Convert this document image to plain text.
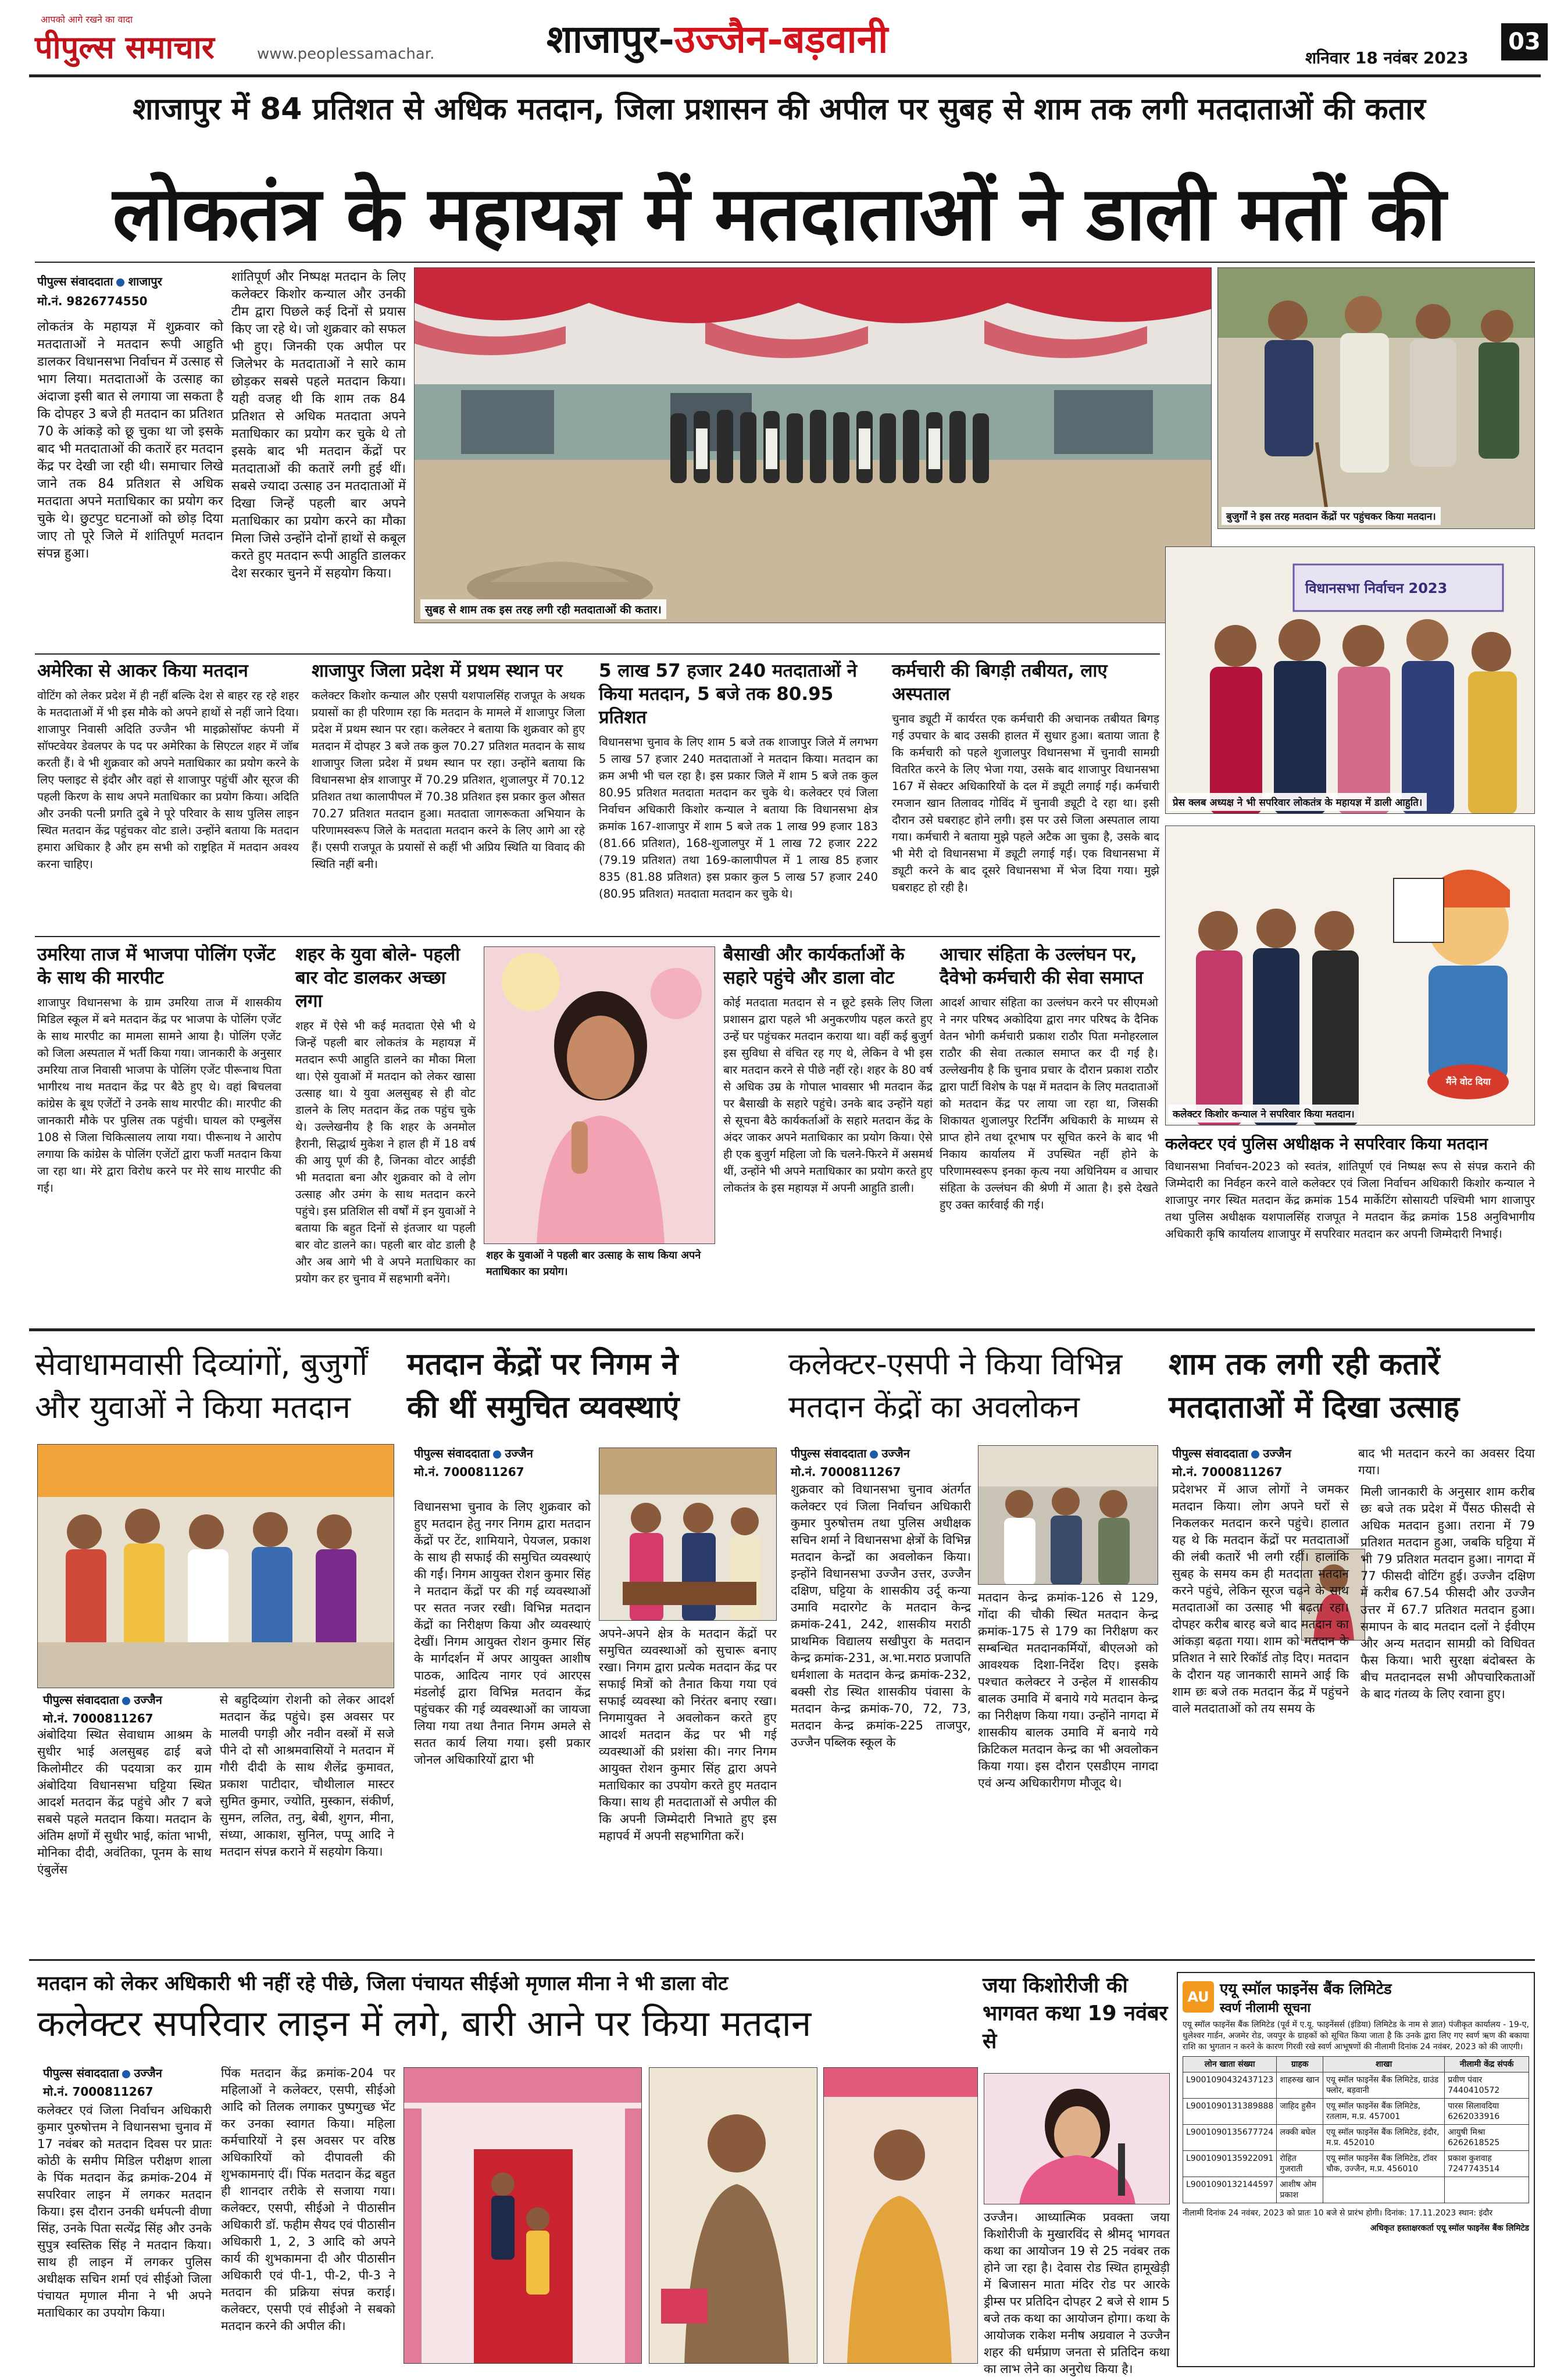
आपको आगे रखने का वादा
पीपुल्स समाचार	www.peoplessamachar.	शाजापुर-उज्जैन-बड़वानी	शनिवार 18 नवंबर 2023
03
शाजापुर में 84 प्रतिशत से अधिक मतदान, जिला प्रशासन की अपील पर सुबह से शाम तक लगी मतदाताओं की कतार
लोकतंत्र के महायज्ञ में मतदाताओं ने डाली मतों की
पीपुल्स संवाददाता शाजापुर
मो.नं. 9826774550
लोकतंत्र के महायज्ञ में शुक्रवार को मतदाताओं ने मतदान रूपी आहुति डालकर विधानसभा निर्वाचन में उत्साह से भाग लिया। मतदाताओं के उत्साह का अंदाजा इसी बात से लगाया जा सकता है कि दोपहर 3 बजे ही मतदान का प्रतिशत 70 के आंकड़े को छू चुका था जो इसके बाद भी मतदाताओं की कतारें हर मतदान केंद्र पर देखी जा रही थी। समाचार लिखे जाने तक 84 प्रतिशत से अधिक मतदाता अपने मताधिकार का प्रयोग कर चुके थे। छुटपुट घटनाओं को छोड़ दिया जाए तो पूरे जिले में शांतिपूर्ण मतदान संपन्न हुआ।
शांतिपूर्ण और निष्पक्ष मतदान के लिए कलेक्टर किशोर कन्याल और उनकी टीम द्वारा पिछले कई दिनों से प्रयास किए जा रहे थे। जो शुक्रवार को सफल भी हुए। जिनकी एक अपील पर जिलेभर के मतदाताओं ने सारे काम छोड़कर सबसे पहले मतदान किया। यही वजह थी कि शाम तक 84 प्रतिशत से अधिक मतदाता अपने मताधिकार का प्रयोग कर चुके थे तो इसके बाद भी मतदान केंद्रों पर मतदाताओं की कतारें लगी हुई थीं। सबसे ज्यादा उत्साह उन मतदाताओं में दिखा जिन्हें पहली बार अपने मताधिकार का प्रयोग करने का मौका मिला जिसे उन्होंने दोनों हाथों से कबूल करते हुए मतदान रूपी आहुति डालकर देश सरकार चुनने में सहयोग किया।
सुबह से शाम तक इस तरह लगी रही मतदाताओं की कतार।
बुजुर्गों ने इस तरह मतदान केंद्रों पर पहुंचकर किया मतदान।
विधानसभा निर्वाचन 2023
प्रेस क्लब अध्यक्ष ने भी सपरिवार लोकतंत्र के महायज्ञ में डाली आहुति।
मैंने वोट दिया
कलेक्टर किशोर कन्याल ने सपरिवार किया मतदान।
अमेरिका से आकर किया मतदान
वोटिंग को लेकर प्रदेश में ही नहीं बल्कि देश से बाहर रह रहे शहर के मतदाताओं में भी इस मौके को अपने हाथों से नहीं जाने दिया। शाजापुर निवासी अदिति उज्जैन भी माइक्रोसॉफ्ट कंपनी में सॉफ्टवेयर डेवलपर के पद पर अमेरिका के सिएटल शहर में जॉब करती हैं। वे भी शुक्रवार को अपने मताधिकार का प्रयोग करने के लिए फ्लाइट से इंदौर और वहां से शाजापुर पहुंचीं और सूरज की पहली किरण के साथ अपने मताधिकार का प्रयोग किया। अदिति और उनकी पत्नी प्रगति दुबे ने पूरे परिवार के साथ पुलिस लाइन स्थित मतदान केंद्र पहुंचकर वोट डाले। उन्होंने बताया कि मतदान हमारा अधिकार है और हम सभी को राष्ट्रहित में मतदान अवश्य करना चाहिए।
शाजापुर जिला प्रदेश में प्रथम स्थान पर
कलेक्टर किशोर कन्याल और एसपी यशपालसिंह राजपूत के अथक प्रयासों का ही परिणाम रहा कि मतदान के मामले में शाजापुर जिला प्रदेश में प्रथम स्थान पर रहा। कलेक्टर ने बताया कि शुक्रवार को हुए मतदान में दोपहर 3 बजे तक कुल 70.27 प्रतिशत मतदान के साथ शाजापुर जिला प्रदेश में प्रथम स्थान पर रहा। उन्होंने बताया कि विधानसभा क्षेत्र शाजापुर में 70.29 प्रतिशत, शुजालपुर में 70.12 प्रतिशत तथा कालापीपल में 70.38 प्रतिशत इस प्रकार कुल औसत 70.27 प्रतिशत मतदान हुआ। मतदाता जागरूकता अभियान के परिणामस्वरूप जिले के मतदाता मतदान करने के लिए आगे आ रहे हैं। एसपी राजपूत के प्रयासों से कहीं भी अप्रिय स्थिति या विवाद की स्थिति नहीं बनी।
5 लाख 57 हजार 240 मतदाताओं ने किया मतदान, 5 बजे तक 80.95 प्रतिशत
विधानसभा चुनाव के लिए शाम 5 बजे तक शाजापुर जिले में लगभग 5 लाख 57 हजार 240 मतदाताओं ने मतदान किया। मतदान का क्रम अभी भी चल रहा है। इस प्रकार जिले में शाम 5 बजे तक कुल 80.95 प्रतिशत मतदाता मतदान कर चुके थे। कलेक्टर एवं जिला निर्वाचन अधिकारी किशोर कन्याल ने बताया कि विधानसभा क्षेत्र क्रमांक 167-शाजापुर में शाम 5 बजे तक 1 लाख 99 हजार 183 (81.66 प्रतिशत), 168-शुजालपुर में 1 लाख 72 हजार 222 (79.19 प्रतिशत) तथा 169-कालापीपल में 1 लाख 85 हजार 835 (81.88 प्रतिशत) इस प्रकार कुल 5 लाख 57 हजार 240 (80.95 प्रतिशत) मतदाता मतदान कर चुके थे।
कर्मचारी की बिगड़ी तबीयत, लाए अस्पताल
चुनाव ड्यूटी में कार्यरत एक कर्मचारी की अचानक तबीयत बिगड़ गई उपचार के बाद उसकी हालत में सुधार हुआ। बताया जाता है कि कर्मचारी को पहले शुजालपुर विधानसभा में चुनावी सामग्री वितरित करने के लिए भेजा गया, उसके बाद शाजापुर विधानसभा 167 में सेक्टर अधिकारियों के दल में ड्यूटी लगाई गई। कर्मचारी रमजान खान तिलावद गोविंद में चुनावी ड्यूटी दे रहा था। इसी दौरान उसे घबराहट होने लगी। इस पर उसे जिला अस्पताल लाया गया। कर्मचारी ने बताया मुझे पहले अटैक आ चुका है, उसके बाद भी मेरी दो विधानसभा में ड्यूटी लगाई गई। एक विधानसभा में ड्यूटी करने के बाद दूसरे विधानसभा में भेज दिया गया। मुझे घबराहट हो रही है।
उमरिया ताज में भाजपा पोलिंग एजेंट के साथ की मारपीट
शाजापुर विधानसभा के ग्राम उमरिया ताज में शासकीय मिडिल स्कूल में बने मतदान केंद्र पर भाजपा के पोलिंग एजेंट के साथ मारपीट का मामला सामने आया है। पोलिंग एजेंट को जिला अस्पताल में भर्ती किया गया। जानकारी के अनुसार उमरिया ताज निवासी भाजपा के पोलिंग एजेंट पीरूनाथ पिता भागीरथ नाथ मतदान केंद्र पर बैठे हुए थे। वहां बिचलवा कांग्रेस के बूथ एजेंटों ने उनके साथ मारपीट की। मारपीट की जानकारी मौके पर पुलिस तक पहुंची। घायल को एम्बुलेंस 108 से जिला चिकित्सालय लाया गया। पीरूनाथ ने आरोप लगाया कि कांग्रेस के पोलिंग एजेंटों द्वारा फर्जी मतदान किया जा रहा था। मेरे द्वारा विरोध करने पर मेरे साथ मारपीट की गई।
शहर के युवा बोले- पहली बार वोट डालकर अच्छा लगा
शहर में ऐसे भी कई मतदाता ऐसे भी थे जिन्हें पहली बार लोकतंत्र के महायज्ञ में मतदान रूपी आहुति डालने का मौका मिला था। ऐसे युवाओं में मतदान को लेकर खासा उत्साह था। ये युवा अलसुबह से ही वोट डालने के लिए मतदान केंद्र तक पहुंच चुके थे। उल्लेखनीय है कि शहर के अनमोल हैरानी, सिद्धार्थ मुकेश ने हाल ही में 18 वर्ष की आयु पूर्ण की है, जिनका वोटर आईडी भी मतदाता बना और शुक्रवार को वे लोग उत्साह और उमंग के साथ मतदान करने पहुंचे। इस प्रतिशिल सी वर्षों में इन युवाओं ने बताया कि बहुत दिनों से इंतजार था पहली बार वोट डालने का। पहली बार वोट डाली है और अब आगे भी वे अपने मताधिकार का प्रयोग कर हर चुनाव में सहभागी बनेंगे।
शहर के युवाओं ने पहली बार उत्साह के साथ किया अपने मताधिकार का प्रयोग।
बैसाखी और कार्यकर्ताओं के सहारे पहुंचे और डाला वोट
कोई मतदाता मतदान से न छूटे इसके लिए जिला प्रशासन द्वारा पहले भी अनुकरणीय पहल करते हुए उन्हें घर पहुंचकर मतदान कराया था। वहीं कई बुजुर्ग इस सुविधा से वंचित रह गए थे, लेकिन वे भी इस बार मतदान करने से पीछे नहीं रहे। शहर के 80 वर्ष से अधिक उम्र के गोपाल भावसार भी मतदान केंद्र पर बैसाखी के सहारे पहुंचे। उनके बाद उन्होंने यहां से सूचना बैठे कार्यकर्ताओं के सहारे मतदान केंद्र के अंदर जाकर अपने मताधिकार का प्रयोग किया। ऐसे ही एक बुजुर्ग महिला जो कि चलने-फिरने में असमर्थ थीं, उन्होंने भी अपने मताधिकार का प्रयोग करते हुए लोकतंत्र के इस महायज्ञ में अपनी आहुति डाली।
आचार संहिता के उल्लंघन पर, दैवेभो कर्मचारी की सेवा समाप्त
आदर्श आचार संहिता का उल्लंघन करने पर सीएमओ ने नगर परिषद अकोदिया द्वारा नगर परिषद के दैनिक वेतन भोगी कर्मचारी प्रकाश राठौर पिता मनोहरलाल राठौर की सेवा तत्काल समाप्त कर दी गई है। उल्लेखनीय है कि चुनाव प्रचार के दौरान प्रकाश राठौर द्वारा पार्टी विशेष के पक्ष में मतदान के लिए मतदाताओं को मतदान केंद्र पर लाया जा रहा था, जिसकी शिकायत शुजालपुर रिटर्निंग अधिकारी के माध्यम से प्राप्त होने तथा दूरभाष पर सूचित करने के बाद भी निकाय कार्यालय में उपस्थित नहीं होने के परिणामस्वरूप इनका कृत्य नया अधिनियम व आचार संहिता के उल्लंघन की श्रेणी में आता है। इसे देखते हुए उक्त कार्रवाई की गई।
कलेक्टर एवं पुलिस अधीक्षक ने सपरिवार किया मतदान
विधानसभा निर्वाचन-2023 को स्वतंत्र, शांतिपूर्ण एवं निष्पक्ष रूप से संपन्न कराने की जिम्मेदारी का निर्वहन करने वाले कलेक्टर एवं जिला निर्वाचन अधिकारी किशोर कन्याल ने शाजापुर नगर स्थित मतदान केंद्र क्रमांक 154 मार्केटिंग सोसायटी पश्चिमी भाग शाजापुर तथा पुलिस अधीक्षक यशपालसिंह राजपूत ने मतदान केंद्र क्रमांक 158 अनुविभागीय अधिकारी कृषि कार्यालय शाजापुर में सपरिवार मतदान कर अपनी जिम्मेदारी निभाई।
सेवाधामवासी दिव्यांगों, बुजुर्गों
और युवाओं ने किया मतदान
पीपुल्स संवाददाता उज्जैन
मो.नं. 7000811267
अंबोदिया स्थित सेवाधाम आश्रम के सुधीर भाई अलसुबह ढाई बजे किलोमीटर की पदयात्रा कर ग्राम अंबोदिया विधानसभा घट्टिया स्थित आदर्श मतदान केंद्र पहुंचे और 7 बजे सबसे पहले मतदान किया। मतदान के अंतिम क्षणों में सुधीर भाई, कांता भाभी, मोनिका दीदी, अवंतिका, पूनम के साथ एंबुलेंस
से बहुदिव्यांग रोशनी को लेकर आदर्श मतदान केंद्र पहुंचे। इस अवसर पर मालवी पगड़ी और नवीन वस्त्रों में सजे पीने दो सौ आश्रमवासियों ने मतदान में गौरी दीदी के साथ शैलेंद्र कुमावत, प्रकाश पाटीदार, चौथीलाल मास्टर सुमित कुमार, ज्योति, मुस्कान, संकीर्ण, सुमन, ललित, तनु, बेबी, शुगन, मीना, संध्या, आकाश, सुनिल, पप्पू आदि ने मतदान संपन्न कराने में सहयोग किया।
मतदान केंद्रों पर निगम ने
की थीं समुचित व्यवस्थाएं
पीपुल्स संवाददाता उज्जैन
मो.नं. 7000811267
विधानसभा चुनाव के लिए शुक्रवार को हुए मतदान हेतु नगर निगम द्वारा मतदान केंद्रों पर टेंट, शामियाने, पेयजल, प्रकाश के साथ ही सफाई की समुचित व्यवस्थाएं की गईं। निगम आयुक्त रोशन कुमार सिंह ने मतदान केंद्रों पर की गई व्यवस्थाओं पर सतत नजर रखी। विभिन्न मतदान केंद्रों का निरीक्षण किया और व्यवस्थाएं देखीं। निगम आयुक्त रोशन कुमार सिंह के मार्गदर्शन में अपर आयुक्त आशीष पाठक, आदित्य नागर एवं आरएस मंडलोई द्वारा विभिन्न मतदान केंद्र पहुंचकर की गई व्यवस्थाओं का जायजा लिया गया तथा तैनात निगम अमले से सतत कार्य लिया गया। इसी प्रकार जोनल अधिकारियों द्वारा भी
अपने-अपने क्षेत्र के मतदान केंद्रों पर समुचित व्यवस्थाओं को सुचारू बनाए रखा। निगम द्वारा प्रत्येक मतदान केंद्र पर सफाई मित्रों को तैनात किया गया एवं सफाई व्यवस्था को निरंतर बनाए रखा। निगमायुक्त ने अवलोकन करते हुए आदर्श मतदान केंद्र पर भी गई व्यवस्थाओं की प्रशंसा की। नगर निगम आयुक्त रोशन कुमार सिंह द्वारा अपने मताधिकार का उपयोग करते हुए मतदान किया। साथ ही मतदाताओं से अपील की कि अपनी जिम्मेदारी निभाते हुए इस महापर्व में अपनी सहभागिता करें।
कलेक्टर-एसपी ने किया विभिन्न
मतदान केंद्रों का अवलोकन
पीपुल्स संवाददाता उज्जैन
मो.नं. 7000811267
शुक्रवार को विधानसभा चुनाव अंतर्गत कलेक्टर एवं जिला निर्वाचन अधिकारी कुमार पुरुषोत्तम तथा पुलिस अधीक्षक सचिन शर्मा ने विधानसभा क्षेत्रों के विभिन्न मतदान केन्द्रों का अवलोकन किया। इन्होंने विधानसभा उज्जैन उत्तर, उज्जैन दक्षिण, घट्टिया के शासकीय उर्दू कन्या उमावि मदारगेट के मतदान केन्द्र क्रमांक-241, 242, शासकीय मराठी प्राथमिक विद्यालय सखीपुरा के मतदान केन्द्र क्रमांक-231, अ.भा.मराठ प्रजापति धर्मशाला के मतदान केन्द्र क्रमांक-232, बक्सी रोड स्थित शासकीय पंवासा के मतदान केन्द्र क्रमांक-70, 72, 73, मतदान केन्द्र क्रमांक-225 ताजपुर, उज्जैन पब्लिक स्कूल के
मतदान केन्द्र क्रमांक-126 से 129, गोंदा की चौकी स्थित मतदान केन्द्र क्रमांक-175 से 179 का निरीक्षण कर सम्बन्धित मतदानकर्मियों, बीएलओ को आवश्यक दिशा-निर्देश दिए। इसके पश्चात कलेक्टर ने उन्हेल में शासकीय बालक उमावि में बनाये गये मतदान केन्द्र का निरीक्षण किया गया। उन्होंने नागदा में शासकीय बालक उमावि में बनाये गये क्रिटिकल मतदान केन्द्र का भी अवलोकन किया गया। इस दौरान एसडीएम नागदा एवं अन्य अधिकारीगण मौजूद थे।
शाम तक लगी रही कतारें
मतदाताओं में दिखा उत्साह
पीपुल्स संवाददाता उज्जैन
मो.नं. 7000811267
बाद भी मतदान करने का अवसर दिया गया।
प्रदेशभर में आज लोगों ने जमकर मतदान किया। लोग अपने घरों से निकलकर मतदान करने पहुंचे। हालात यह थे कि मतदान केंद्रों पर मतदाताओं की लंबी कतारें भी लगी रहीं। हालांकि सुबह के समय कम ही मतदाता मतदान करने पहुंचे, लेकिन सूरज चढ़ने के साथ मतदाताओं का उत्साह भी बढ़ता रहा। दोपहर करीब बारह बजे बाद मतदान का आंकड़ा बढ़ता गया। शाम को मतदान के प्रतिशत ने सारे रिकॉर्ड तोड़ दिए। मतदान के दौरान यह जानकारी सामने आई कि शाम छः बजे तक मतदान केंद्र में पहुंचने वाले मतदाताओं को तय समय के
मिली जानकारी के अनुसार शाम करीब छः बजे तक प्रदेश में पैंसठ फीसदी से अधिक मतदान हुआ। तराना में 79 प्रतिशत मतदान हुआ, जबकि घट्टिया में भी 79 प्रतिशत मतदान हुआ। नागदा में 77 फीसदी वोटिंग हुई। उज्जैन दक्षिण में करीब 67.54 फीसदी और उज्जैन उत्तर में 67.7 प्रतिशत मतदान हुआ। समापन के बाद मतदान दलों ने ईवीएम और अन्य मतदान सामग्री को विधिवत फैस किया। भारी सुरक्षा बंदोबस्त के बीच मतदानदल सभी औपचारिकताओं के बाद गंतव्य के लिए रवाना हुए।
मतदान को लेकर अधिकारी भी नहीं रहे पीछे, जिला पंचायत सीईओ मृणाल मीना ने भी डाला वोट
कलेक्टर सपरिवार लाइन में लगे, बारी आने पर किया मतदान
पीपुल्स संवाददाता उज्जैन
मो.नं. 7000811267
कलेक्टर एवं जिला निर्वाचन अधिकारी कुमार पुरुषोत्तम ने विधानसभा चुनाव में 17 नवंबर को मतदान दिवस पर प्रातः कोठी के समीप मिडिल परीक्षण शाला के पिंक मतदान केंद्र क्रमांक-204 में सपरिवार लाइन में लगकर मतदान किया। इस दौरान उनकी धर्मपत्नी वीणा सिंह, उनके पिता सत्येंद्र सिंह और उनके सुपुत्र स्वस्तिक सिंह ने मतदान किया। साथ ही लाइन में लगकर पुलिस अधीक्षक सचिन शर्मा एवं सीईओ जिला पंचायत मृणाल मीना ने भी अपने मताधिकार का उपयोग किया।
पिंक मतदान केंद्र क्रमांक-204 पर महिलाओं ने कलेक्टर, एसपी, सीईओ आदि को तिलक लगाकर पुष्पगुच्छ भेंट कर उनका स्वागत किया। महिला कर्मचारियों ने इस अवसर पर वरिष्ठ अधिकारियों को दीपावली की शुभकामनाएं दीं। पिंक मतदान केंद्र बहुत ही शानदार तरीके से सजाया गया। कलेक्टर, एसपी, सीईओ ने पीठासीन अधिकारी डॉ. फहीम सैयद एवं पीठासीन अधिकारी 1, 2, 3 आदि को अपने कार्य की शुभकामना दी और पीठासीन अधिकारी एवं पी-1, पी-2, पी-3 ने मतदान की प्रक्रिया संपन्न कराई। कलेक्टर, एसपी एवं सीईओ ने सबको मतदान करने की अपील की।
जया किशोरीजी की भागवत कथा 19 नवंबर से
उज्जैन। आध्यात्मिक प्रवक्ता जया किशोरीजी के मुखारविंद से श्रीमद् भागवत कथा का आयोजन 19 से 25 नवंबर तक होने जा रहा है। देवास रोड स्थित हामूखेड़ी में बिजासन माता मंदिर रोड पर आरके ड्रीम्स पर प्रतिदिन दोपहर 2 बजे से शाम 5 बजे तक कथा का आयोजन होगा। कथा के आयोजक राकेश मनीष अग्रवाल ने उज्जैन शहर की धर्मप्राण जनता से प्रतिदिन कथा का लाभ लेने का अनुरोध किया है।
AU एयू स्मॉल फाइनेंस बैंक लिमिटेड
स्वर्ण नीलामी सूचना
एयू स्मॉल फाइनेंस बैंक लिमिटेड (पूर्व में ए.यू. फाइनेंसर्स (इंडिया) लिमिटेड के नाम से ज्ञात) पंजीकृत कार्यालय - 19-ए, धुलेश्वर गार्डन, अजमेर रोड, जयपुर के ग्राहकों को सूचित किया जाता है कि उनके द्वारा लिए गए स्वर्ण ऋण की बकाया राशि का भुगतान न करने के कारण गिरवी रखे स्वर्ण आभूषणों की नीलामी दिनांक 24 नवंबर, 2023 को की जाएगी।
लोन खाता संख्या	ग्राहक	शाखा	नीलामी केंद्र संपर्क
L9001090432437123	शाहरुख खान	एयू स्मॉल फाइनेंस बैंक लिमिटेड, ग्राउंड फ्लोर, बड़वानी	प्रवीण पंवार 7440410572
L9001090131389888	जाहिद हुसैन	एयू स्मॉल फाइनेंस बैंक लिमिटेड, रतलाम, म.प्र. 457001	पारस सिलावदिया 6262033916
L9001090135677724	लक्की बघेल	एयू स्मॉल फाइनेंस बैंक लिमिटेड, इंदौर, म.प्र. 452010	आयुषी मिश्रा 6262618525
L9001090135922091	रोहित गुजराती	एयू स्मॉल फाइनेंस बैंक लिमिटेड, टॉवर चौक, उज्जैन, म.प्र. 456010	प्रकाश कुशवाह 7247743514
L9001090132144597	आशीष ओम प्रकाश		
नीलामी दिनांक 24 नवंबर, 2023 को प्रातः 10 बजे से प्रारंभ होगी। दिनांक: 17.11.2023 स्थान: इंदौर
अधिकृत हस्ताक्षरकर्ता एयू स्मॉल फाइनेंस बैंक लिमिटेड
